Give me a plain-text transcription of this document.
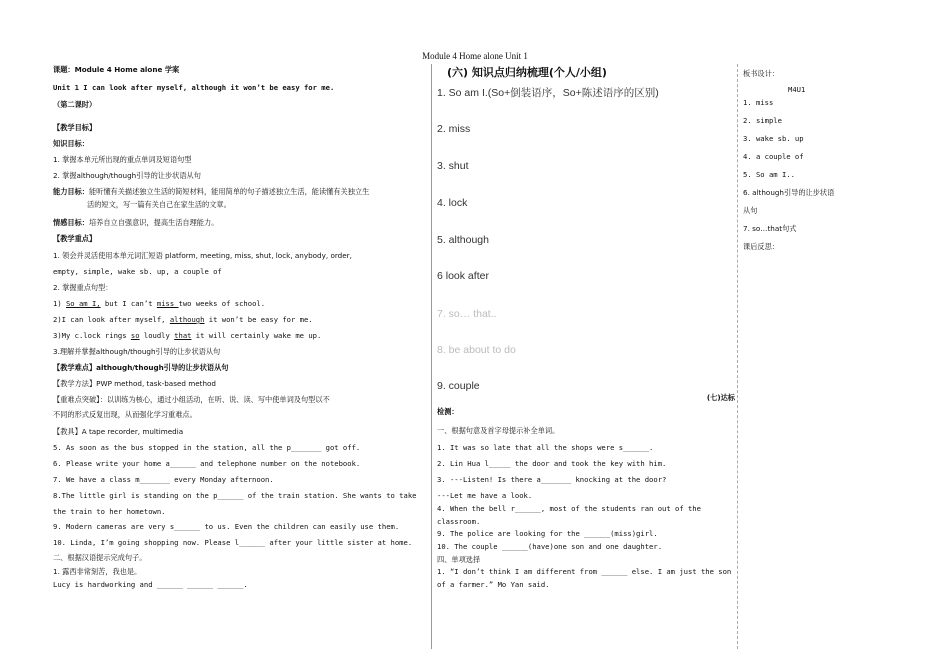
Module 4 Home alone Unit 1
课题：Module 4 Home alone 学案
Unit 1 I can look after myself, although it won’t be easy for me.
（第二课时）
【教学目标】
知识目标：
1. 掌握本单元所出现的重点单词及短语句型
2. 掌握although/though引导的让步状语从句
能力目标：能听懂有关描述独立生活的简短材料，能用简单的句子描述独立生活，能读懂有关独立生
活的短文，写一篇有关自己在家生活的文章。
情感目标：培养自立自强意识，提高生活自理能力。
【教学重点】
1. 领会并灵活使用本单元词汇短语 platform, meeting, miss, shut, lock, anybody, order,
empty, simple, wake sb. up, a couple of
2. 掌握重点句型：
1) So am I, but I can’t miss two weeks of school.
2)I can look after myself, although it won’t be easy for me.
3)My c.lock rings so loudly that it will certainly wake me up.
3.理解并掌握although/though引导的让步状语从句
【教学难点】although/though引导的让步状语从句
【教学方法】PWP method, task-based method
【重难点突破】：以训练为核心，通过小组活动，在听、说、读、写中使单词及句型以不
不同的形式反复出现，从而强化学习重难点。
【教具】A tape recorder, multimedia
5. As soon as the bus stopped in the station, all the p_______ got off.
6. Please write your home a______ and telephone number on the notebook.
7. We have a class m_______ every Monday afternoon.
8.The little girl is standing on the p______ of the train station. She wants to take
the train to her hometown.
9. Modern cameras are very s______ to us. Even the children can easily use them.
10. Linda, I’m going shopping now. Please l______ after your little sister at home.
二、根据汉语提示完成句子。
1. 露西非常刻苦，我也是。
Lucy is hardworking and ______ ______ ______.
(六) 知识点归纳梳理(个人/小组)
1. So am I.(So+倒装语序，So+陈述语序的区别)
2. miss
3. shut
4. lock
5. although
6 look after
7. so… that..
8. be about to do
9. couple
(七)达标
检测：
一、根据句意及首字母提示补全单词。
1. It was so late that all the shops were s______.
2. Lin Hua l_____ the door and took the key with him.
3. ---Listen! Is there a_______ knocking at the door?
---Let me have a look.
4. When the bell r______, most of the students ran out of the
classroom.
9. The police are looking for the ______(miss)girl.
10. The couple ______(have)one son and one daughter.
四、单项选择
1. “I don’t think I am different from ______ else. I am just the son
of a farmer.” Mo Yan said.
板书设计：
M4U1
1. miss
2. simple
3. wake sb. up
4. a couple of
5. So am I..
6. although引导的让步状语
从句
7. so…that句式
课后反思：
